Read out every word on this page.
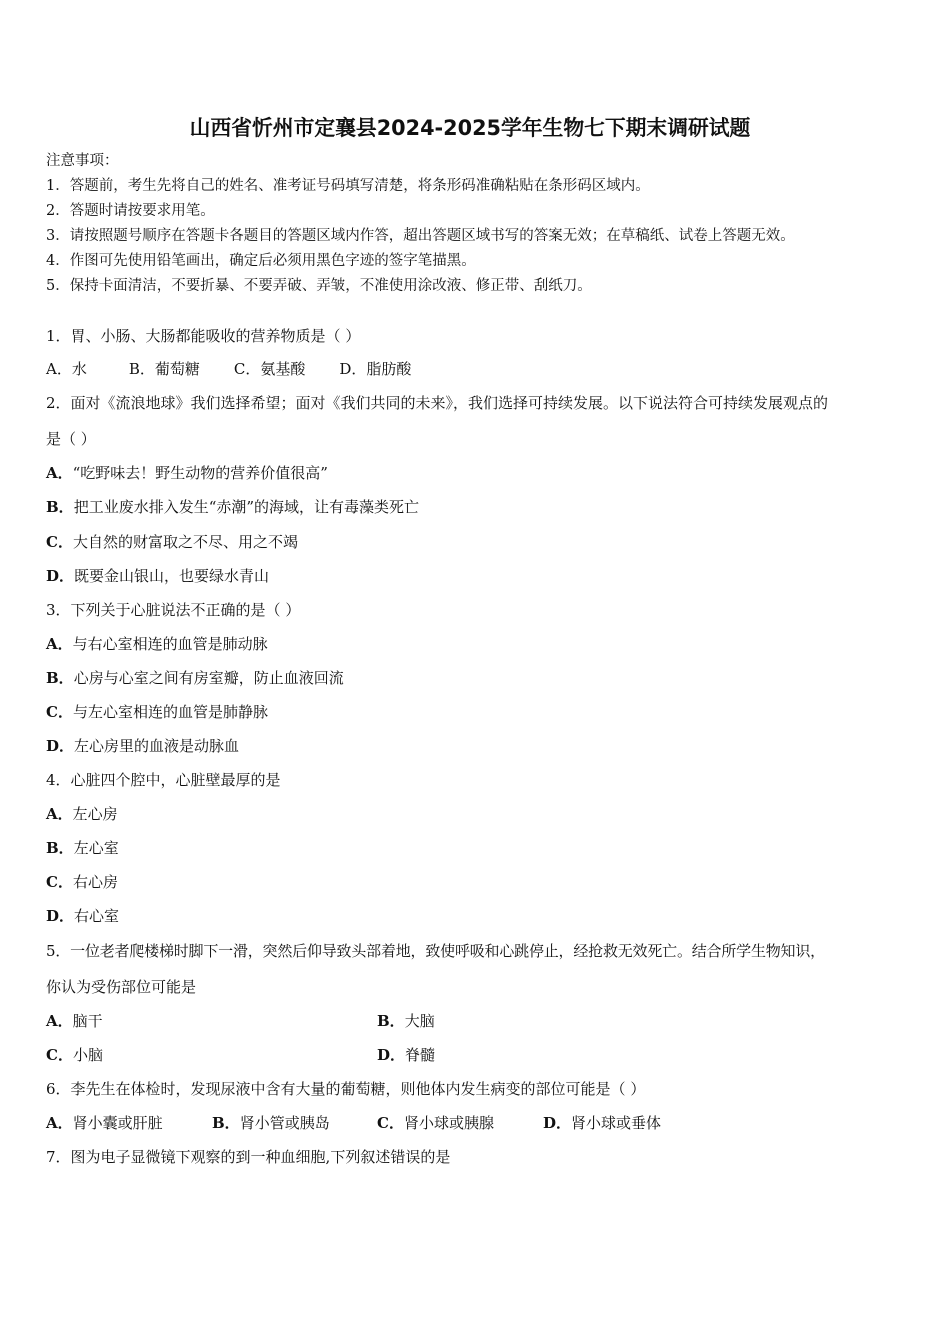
山西省忻州市定襄县2024-2025学年生物七下期末调研试题
注意事项：
1．答题前，考生先将自己的姓名、准考证号码填写清楚，将条形码准确粘贴在条形码区域内。
2．答题时请按要求用笔。
3．请按照题号顺序在答题卡各题目的答题区域内作答，超出答题区域书写的答案无效；在草稿纸、试卷上答题无效。
4．作图可先使用铅笔画出，确定后必须用黑色字迹的签字笔描黑。
5．保持卡面清洁，不要折暴、不要弄破、弄皱，不准使用涂改液、修正带、刮纸刀。
1．胃、小肠、大肠都能吸收的营养物质是（ ）
A．水	B．葡萄糖 C．氨基酸 D．脂肪酸
2．面对《流浪地球》我们选择希望；面对《我们共同的未来》，我们选择可持续发展。以下说法符合可持续发展观点的
是（ ）
A．“吃野味去！野生动物的营养价值很高”
B．把工业废水排入发生“赤潮”的海域，让有毒藻类死亡
C．大自然的财富取之不尽、用之不竭
D．既要金山银山，也要绿水青山
3．下列关于心脏说法不正确的是（ ）
A．与右心室相连的血管是肺动脉
B．心房与心室之间有房室瓣，防止血液回流
C．与左心室相连的血管是肺静脉
D．左心房里的血液是动脉血
4．心脏四个腔中，心脏壁最厚的是
A．左心房
B．左心室
C．右心房
D．右心室
5．一位老者爬楼梯时脚下一滑，突然后仰导致头部着地，致使呼吸和心跳停止，经抢救无效死亡。结合所学生物知识，
你认为受伤部位可能是
A．脑干	B．大脑
C．小脑	D．脊髓
6．李先生在体检时，发现尿液中含有大量的葡萄糖，则他体内发生病变的部位可能是（ ）
A．肾小囊或肝脏	B．肾小管或胰岛	C．肾小球或胰腺	D．肾小球或垂体
7．图为电子显微镜下观察的到一种血细胞,下列叙述错误的是
